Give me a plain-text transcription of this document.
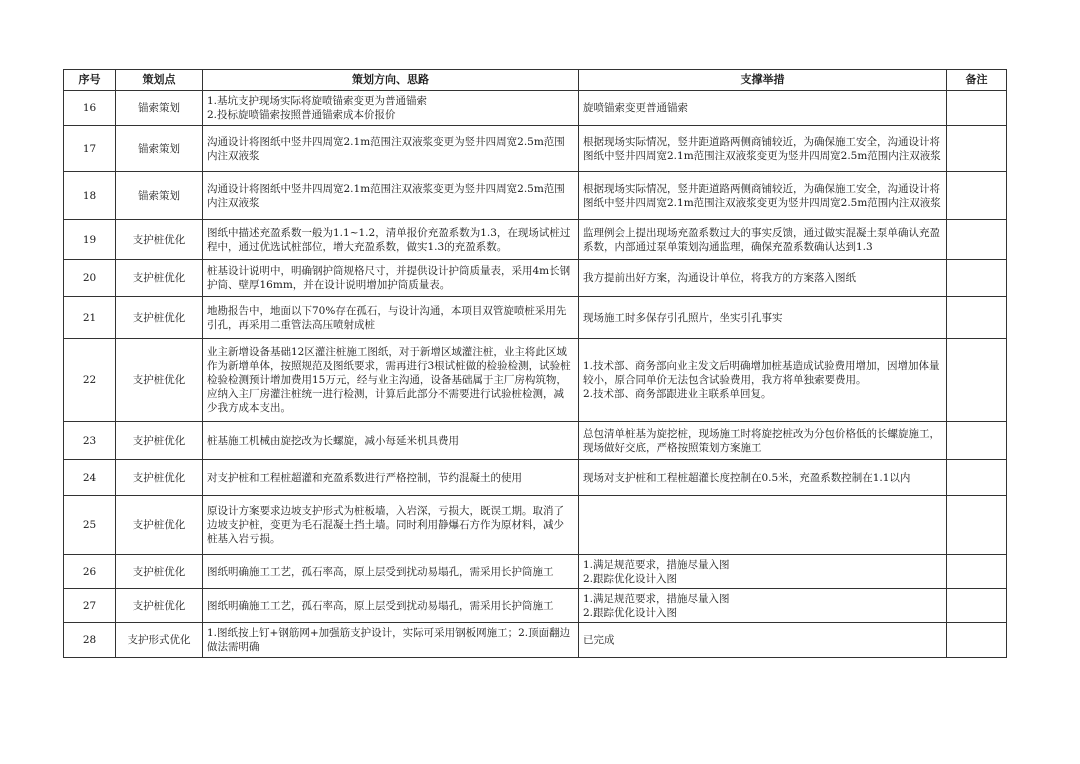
序号	策划点	策划方向、思路	支撑举措	备注
16	锚索策划	1.基坑支护现场实际将旋喷锚索变更为普通锚索
2.投标旋喷锚索按照普通锚索成本价报价	旋喷锚索变更普通锚索	

17	锚索策划	沟通设计将图纸中竖井四周宽2.1m范围注双液浆变更为竖井四周宽2.5m范围内注双液浆	根据现场实际情况，竖井距道路两侧商铺较近，为确保施工安全，沟通设计将图纸中竖井四周宽2.1m范围注双液浆变更为竖井四周宽2.5m范围内注双液浆	

18	锚索策划	沟通设计将图纸中竖井四周宽2.1m范围注双液浆变更为竖井四周宽2.5m范围内注双液浆	根据现场实际情况，竖井距道路两侧商铺较近，为确保施工安全，沟通设计将图纸中竖井四周宽2.1m范围注双液浆变更为竖井四周宽2.5m范围内注双液浆	

19	支护桩优化	图纸中描述充盈系数一般为1.1~1.2，清单报价充盈系数为1.3，在现场试桩过程中，通过优选试桩部位，增大充盈系数，做实1.3的充盈系数。	监理例会上提出现场充盈系数过大的事实反馈，通过做实混凝土泵单确认充盈系数，内部通过泵单策划沟通监理，确保充盈系数确认达到1.3	

20	支护桩优化	桩基设计说明中，明确钢护筒规格尺寸，并提供设计护筒质量表，采用4m长钢护筒、壁厚16mm，并在设计说明增加护筒质量表。	我方提前出好方案，沟通设计单位，将我方的方案落入图纸	

21	支护桩优化	地勘报告中，地面以下70%存在孤石，与设计沟通，本项目双管旋喷桩采用先引孔，再采用二重管法高压喷射成桩	现场施工时多保存引孔照片，坐实引孔事实	

22	支护桩优化	业主新增设备基础12区灌注桩施工图纸，对于新增区域灌注桩，业主将此区域作为新增单体，按照规范及图纸要求，需再进行3根试桩做的检验检测，试验桩检验检测预计增加费用15万元，经与业主沟通，设备基础属于主厂房构筑物，应纳入主厂房灌注桩统一进行检测，计算后此部分不需要进行试验桩检测，减少我方成本支出。	1.技术部、商务部向业主发文后明确增加桩基造成试验费用增加，因增加体量较小，原合同单价无法包含试验费用，我方将单独索要费用。
2.技术部、商务部跟进业主联系单回复。	

23	支护桩优化	桩基施工机械由旋挖改为长螺旋，减小每延米机具费用	总包清单桩基为旋挖桩，现场施工时将旋挖桩改为分包价格低的长螺旋施工，现场做好交底，严格按照策划方案施工	

24	支护桩优化	对支护桩和工程桩超灌和充盈系数进行严格控制，节约混凝土的使用	现场对支护桩和工程桩超灌长度控制在0.5米，充盈系数控制在1.1以内	

25	支护桩优化	原设计方案要求边坡支护形式为桩板墙，入岩深，亏损大，既误工期。取消了边坡支护桩，变更为毛石混凝土挡土墙。同时利用静爆石方作为原材料，减少桩基入岩亏损。		

26	支护桩优化	图纸明确施工工艺，孤石率高，原上层受到扰动易塌孔，需采用长护筒施工	1.满足规范要求，措施尽量入图
2.跟踪优化设计入图	

27	支护桩优化	图纸明确施工工艺，孤石率高，原上层受到扰动易塌孔，需采用长护筒施工	1.满足规范要求，措施尽量入图
2.跟踪优化设计入图	

28	支护形式优化	1.图纸按上钉+钢筋网+加强筋支护设计，实际可采用钢板网施工；2.顶面翻边做法需明确	已完成	
